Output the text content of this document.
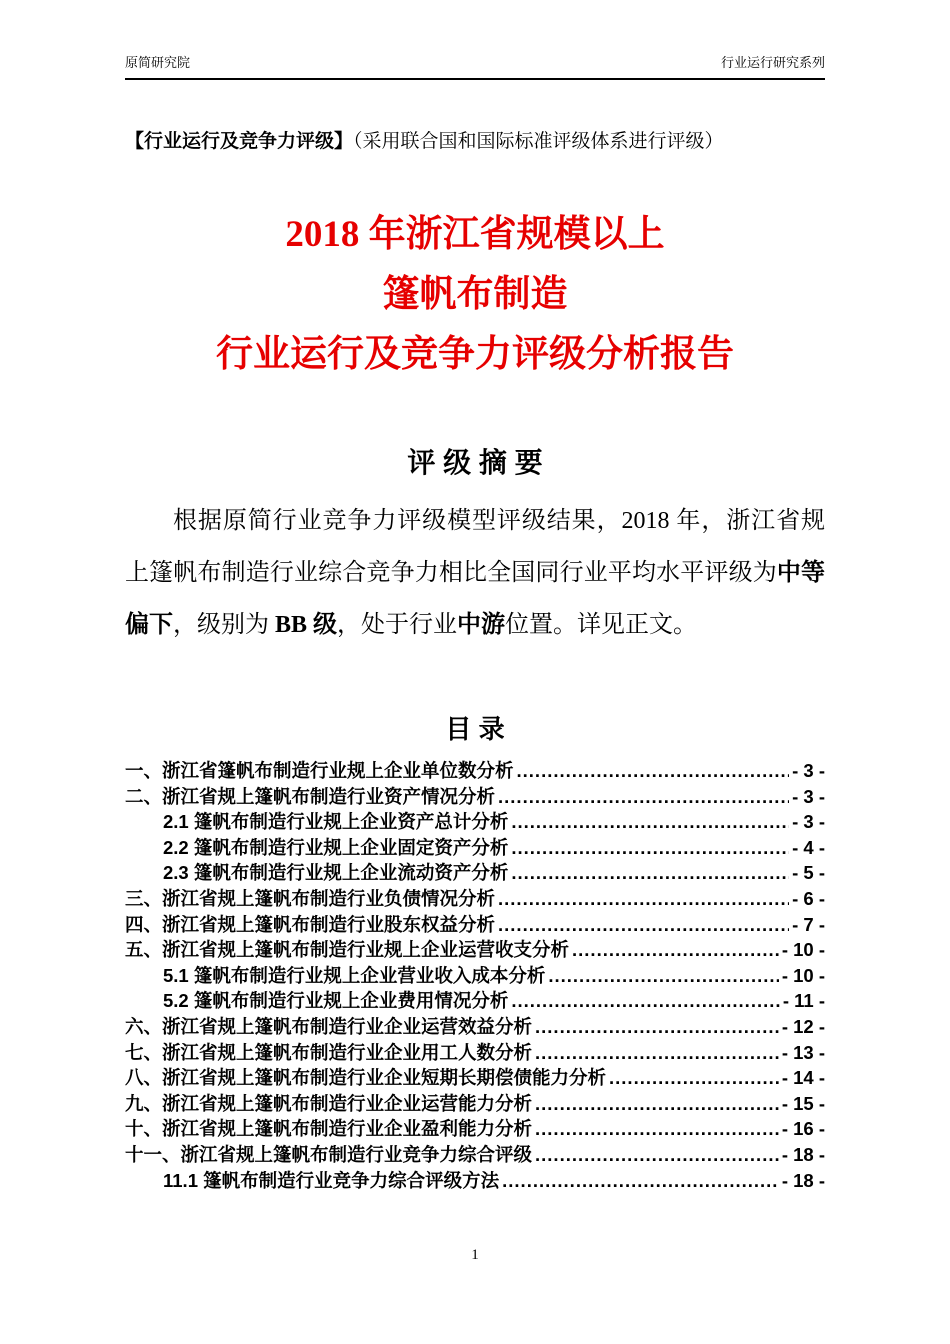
原简研究院	行业运行研究系列
【行业运行及竞争力评级】（采用联合国和国际标准评级体系进行评级）
2018 年浙江省规模以上
篷帆布制造
行业运行及竞争力评级分析报告
评 级 摘 要

根据原简行业竞争力评级模型评级结果，2018 年，浙江省规上篷帆布制造行业综合竞争力相比全国同行业平均水平评级为中等偏下，级别为 BB 级，处于行业中游位置。详见正文。

目 录
一、浙江省篷帆布制造行业规上企业单位数分析 .....	- 3 -
二、浙江省规上篷帆布制造行业资产情况分析 .....	- 3 -
2.1 篷帆布制造行业规上企业资产总计分析 .....	- 3 -
2.2 篷帆布制造行业规上企业固定资产分析 .....	- 4 -
2.3 篷帆布制造行业规上企业流动资产分析 .....	- 5 -
三、浙江省规上篷帆布制造行业负债情况分析 .....	- 6 -
四、浙江省规上篷帆布制造行业股东权益分析 .....	- 7 -
五、浙江省规上篷帆布制造行业规上企业运营收支分析 .....	- 10 -
5.1 篷帆布制造行业规上企业营业收入成本分析 .....	- 10 -
5.2 篷帆布制造行业规上企业费用情况分析 .....	- 11 -
六、浙江省规上篷帆布制造行业企业运营效益分析 .....	- 12 -
七、浙江省规上篷帆布制造行业企业用工人数分析 .....	- 13 -
八、浙江省规上篷帆布制造行业企业短期长期偿债能力分析 .....	- 14 -
九、浙江省规上篷帆布制造行业企业运营能力分析 .....	- 15 -
十、浙江省规上篷帆布制造行业企业盈利能力分析 .....	- 16 -
十一、浙江省规上篷帆布制造行业竞争力综合评级 .....	- 18 -
11.1 篷帆布制造行业竞争力综合评级方法 .....	- 18 -
1
